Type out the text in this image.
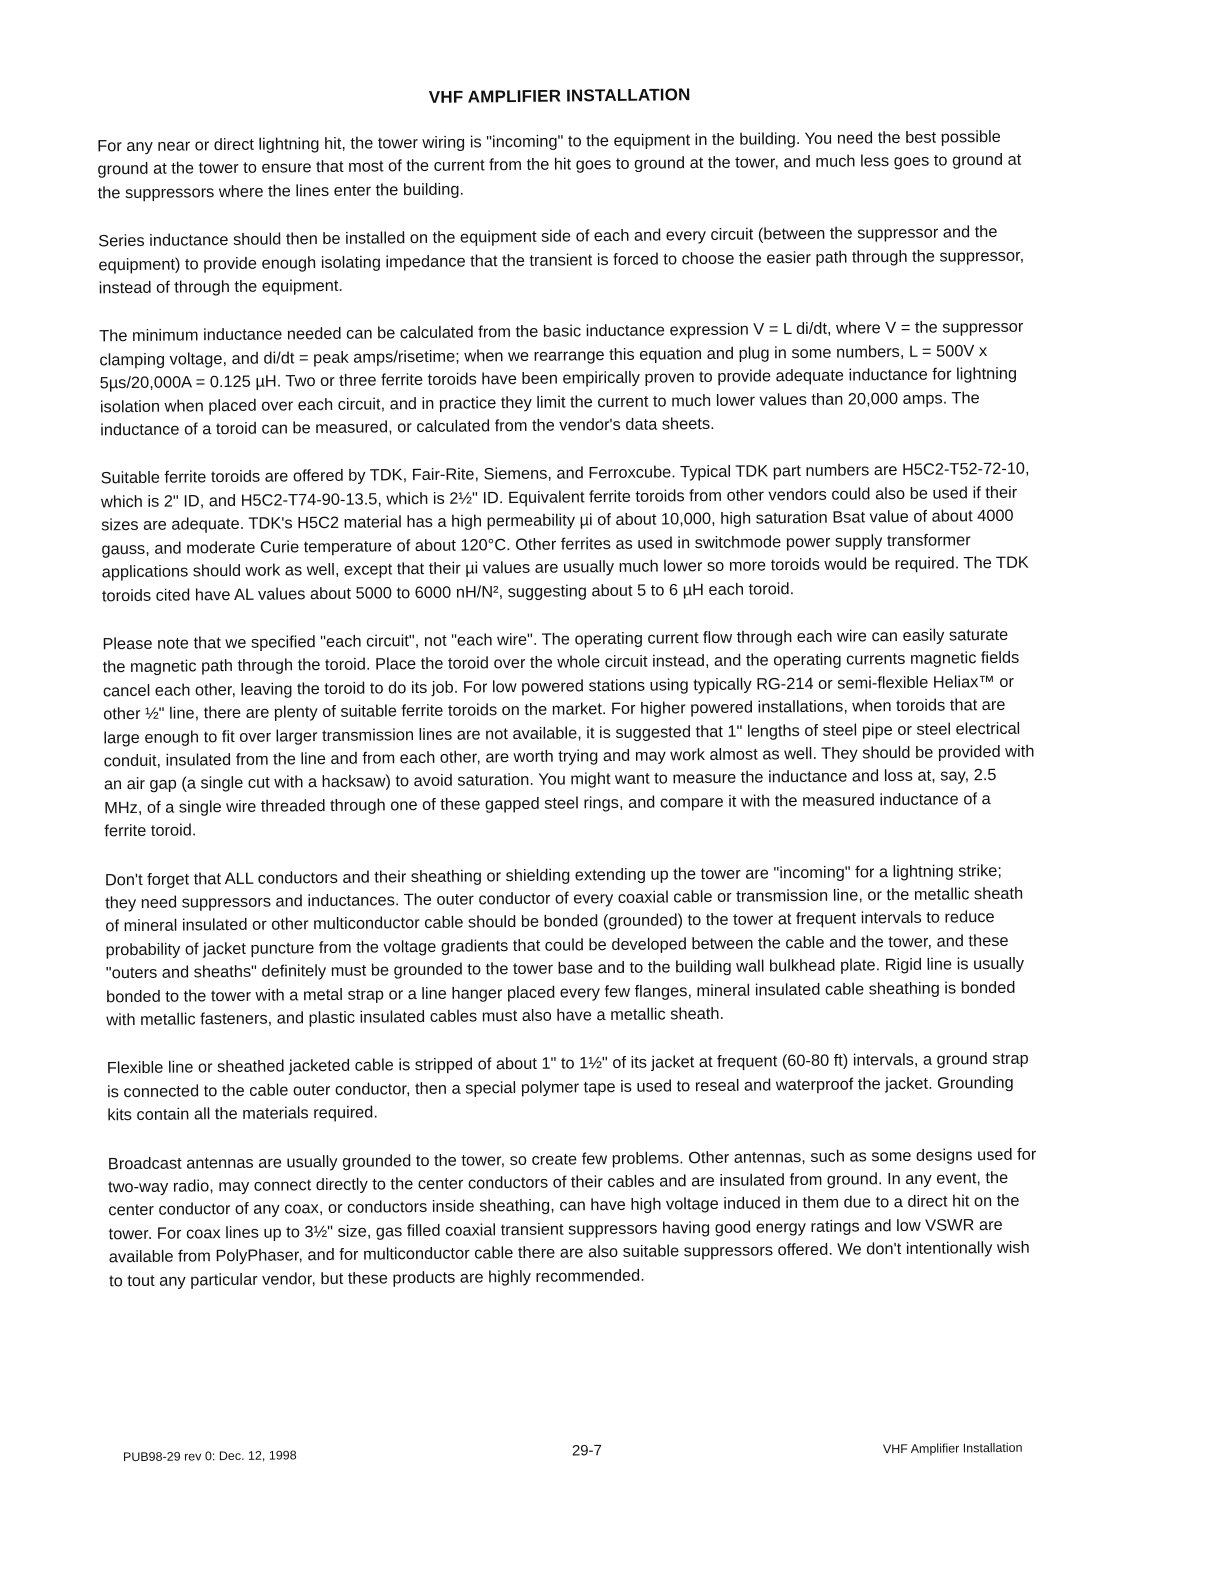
VHF AMPLIFIER INSTALLATION

For any near or direct lightning hit, the tower wiring is "incoming" to the equipment in the building. You need the best possible ground at the tower to ensure that most of the current from the hit goes to ground at the tower, and much less goes to ground at the suppressors where the lines enter the building.

Series inductance should then be installed on the equipment side of each and every circuit (between the suppressor and the equipment) to provide enough isolating impedance that the transient is forced to choose the easier path through the suppressor, instead of through the equipment.

The minimum inductance needed can be calculated from the basic inductance expression V = L di/dt, where V = the suppressor clamping voltage, and di/dt = peak amps/risetime; when we rearrange this equation and plug in some numbers, L = 500V x 5µs/20,000A = 0.125 µH. Two or three ferrite toroids have been empirically proven to provide adequate inductance for lightning isolation when placed over each circuit, and in practice they limit the current to much lower values than 20,000 amps. The inductance of a toroid can be measured, or calculated from the vendor's data sheets.

Suitable ferrite toroids are offered by TDK, Fair-Rite, Siemens, and Ferroxcube. Typical TDK part numbers are H5C2-T52-72-10, which is 2" ID, and H5C2-T74-90-13.5, which is 2½" ID. Equivalent ferrite toroids from other vendors could also be used if their sizes are adequate. TDK's H5C2 material has a high permeability µi of about 10,000, high saturation Bsat value of about 4000 gauss, and moderate Curie temperature of about 120°C. Other ferrites as used in switchmode power supply transformer applications should work as well, except that their µi values are usually much lower so more toroids would be required. The TDK toroids cited have AL values about 5000 to 6000 nH/N², suggesting about 5 to 6 µH each toroid.

Please note that we specified "each circuit", not "each wire". The operating current flow through each wire can easily saturate the magnetic path through the toroid. Place the toroid over the whole circuit instead, and the operating currents magnetic fields cancel each other, leaving the toroid to do its job. For low powered stations using typically RG-214 or semi-flexible Heliax™ or other ½" line, there are plenty of suitable ferrite toroids on the market. For higher powered installations, when toroids that are large enough to fit over larger transmission lines are not available, it is suggested that 1" lengths of steel pipe or steel electrical conduit, insulated from the line and from each other, are worth trying and may work almost as well. They should be provided with an air gap (a single cut with a hacksaw) to avoid saturation. You might want to measure the inductance and loss at, say, 2.5 MHz, of a single wire threaded through one of these gapped steel rings, and compare it with the measured inductance of a ferrite toroid.

Don't forget that ALL conductors and their sheathing or shielding extending up the tower are "incoming" for a lightning strike; they need suppressors and inductances. The outer conductor of every coaxial cable or transmission line, or the metallic sheath of mineral insulated or other multiconductor cable should be bonded (grounded) to the tower at frequent intervals to reduce probability of jacket puncture from the voltage gradients that could be developed between the cable and the tower, and these "outers and sheaths" definitely must be grounded to the tower base and to the building wall bulkhead plate. Rigid line is usually bonded to the tower with a metal strap or a line hanger placed every few flanges, mineral insulated cable sheathing is bonded with metallic fasteners, and plastic insulated cables must also have a metallic sheath.

Flexible line or sheathed jacketed cable is stripped of about 1" to 1½" of its jacket at frequent (60-80 ft) intervals, a ground strap is connected to the cable outer conductor, then a special polymer tape is used to reseal and waterproof the jacket. Grounding kits contain all the materials required.

Broadcast antennas are usually grounded to the tower, so create few problems. Other antennas, such as some designs used for two-way radio, may connect directly to the center conductors of their cables and are insulated from ground. In any event, the center conductor of any coax, or conductors inside sheathing, can have high voltage induced in them due to a direct hit on the tower. For coax lines up to 3½" size, gas filled coaxial transient suppressors having good energy ratings and low VSWR are available from PolyPhaser, and for multiconductor cable there are also suitable suppressors offered. We don't intentionally wish to tout any particular vendor, but these products are highly recommended.

PUB98-29 rev 0: Dec. 12, 1998	29-7	VHF Amplifier Installation
